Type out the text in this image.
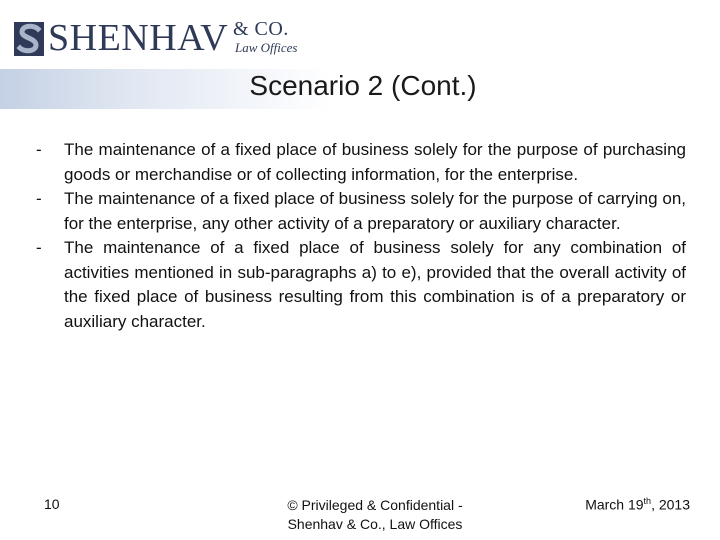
SHENHAV & CO.
Law Offices
Scenario 2 (Cont.)
- The maintenance of a fixed place of business solely for the purpose of purchasing goods or merchandise or of collecting information, for the enterprise.
- The maintenance of a fixed place of business solely for the purpose of carrying on, for the enterprise, any other activity of a preparatory or auxiliary character.
- The maintenance of a fixed place of business solely for any combination of activities mentioned in sub-paragraphs a) to e), provided that the overall activity of the fixed place of business resulting from this combination is of a preparatory or auxiliary character.
10	© Privileged & Confidential -
Shenhav & Co., Law Offices
March 19th, 2013
